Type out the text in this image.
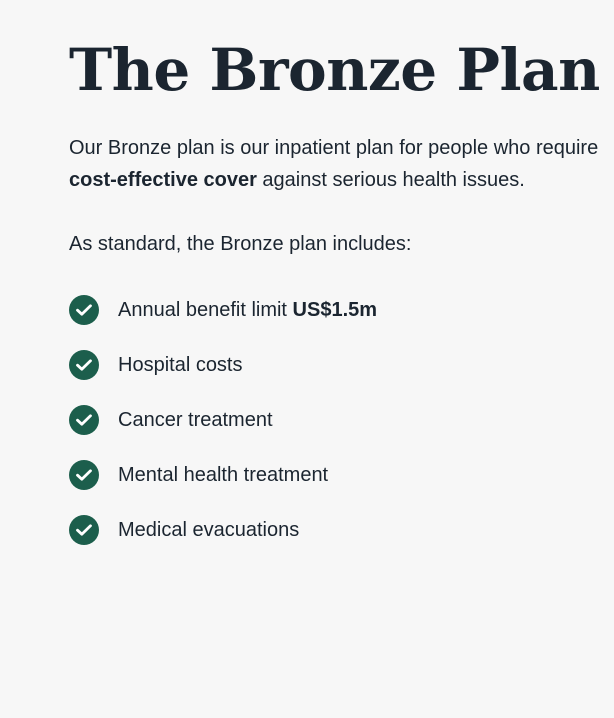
The Bronze Plan

Our Bronze plan is our inpatient plan for people who require cost-effective cover against serious health issues.

As standard, the Bronze plan includes:

Annual benefit limit US$1.5m
Hospital costs
Cancer treatment
Mental health treatment
Medical evacuations
